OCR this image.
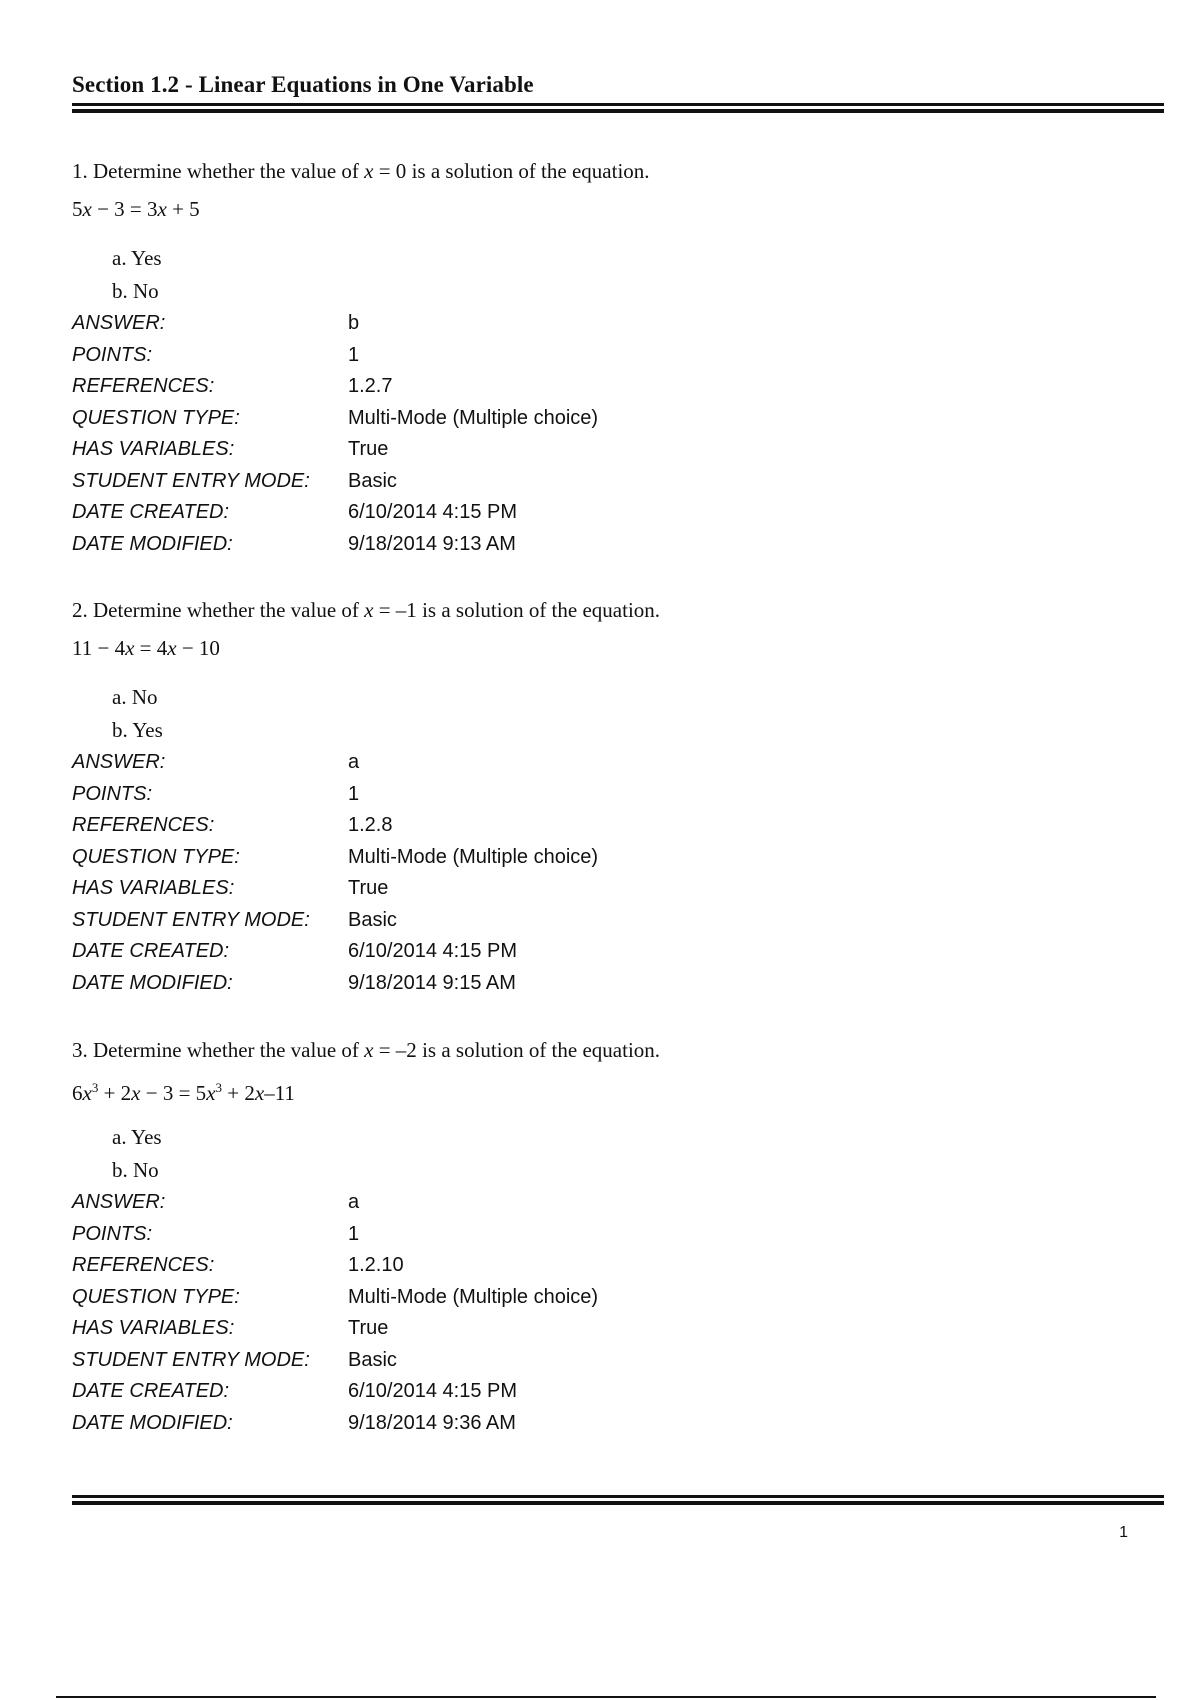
Section 1.2 - Linear Equations in One Variable
1. Determine whether the value of x = 0 is a solution of the equation.
5x − 3 = 3x + 5
a. Yes
b. No
ANSWER:	b
POINTS:	1
REFERENCES:	1.2.7
QUESTION TYPE:	Multi-Mode (Multiple choice)
HAS VARIABLES:	True
STUDENT ENTRY MODE:	Basic
DATE CREATED:	6/10/2014 4:15 PM
DATE MODIFIED:	9/18/2014 9:13 AM
2. Determine whether the value of x = –1 is a solution of the equation.
11 − 4x = 4x − 10
a. No
b. Yes
ANSWER:	a
POINTS:	1
REFERENCES:	1.2.8
QUESTION TYPE:	Multi-Mode (Multiple choice)
HAS VARIABLES:	True
STUDENT ENTRY MODE:	Basic
DATE CREATED:	6/10/2014 4:15 PM
DATE MODIFIED:	9/18/2014 9:15 AM
3. Determine whether the value of x = –2 is a solution of the equation.
$6x^3 + 2x - 3 = 5x^3 + 2x-11$
a. Yes
b. No
ANSWER:	a
POINTS:	1
REFERENCES:	1.2.10
QUESTION TYPE:	Multi-Mode (Multiple choice)
HAS VARIABLES:	True
STUDENT ENTRY MODE:	Basic
DATE CREATED:	6/10/2014 4:15 PM
DATE MODIFIED:	9/18/2014 9:36 AM
1
